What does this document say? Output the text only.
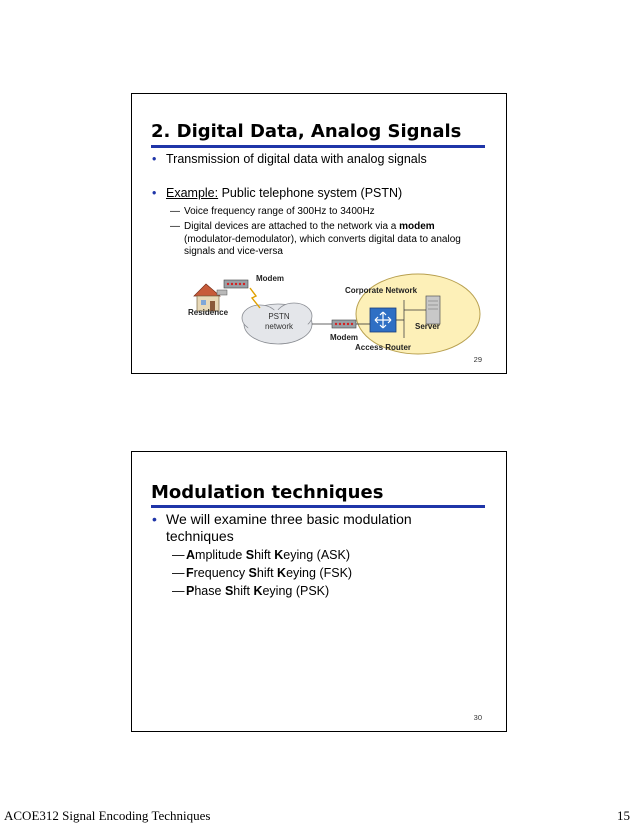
2. Digital Data, Analog Signals
• Transmission of digital data with analog signals
• Example: Public telephone system (PSTN)
— Voice frequency range of 300Hz to 3400Hz
— Digital devices are attached to the network via a modem
(modulator-demodulator), which converts digital data to analog
signals and vice-versa
Modem
Residence	PSTN
network
Corporate Network
Server
Modem
Access Router
29
Modulation techniques
• We will examine three basic modulation
techniques
— Amplitude Shift Keying (ASK)
— Frequency Shift Keying (FSK)
— Phase Shift Keying (PSK)
30
ACOE312 Signal Encoding Techniques	15
